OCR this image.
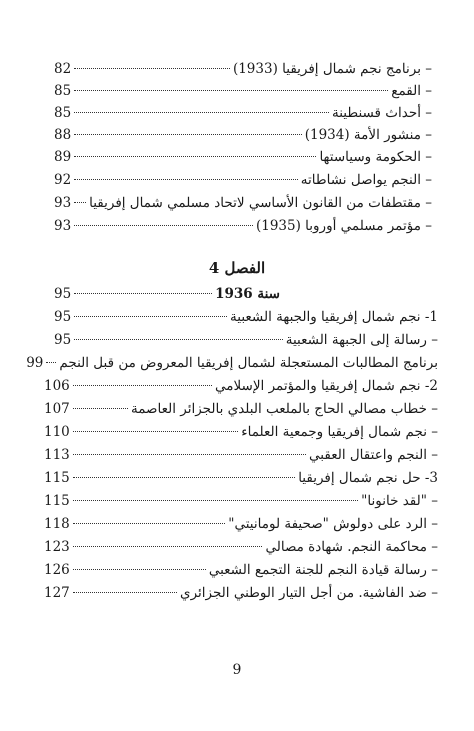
– برنامج نجم شمال إفريقيا (1933)
82
– القمع
85
– أحداث قسنطينة
85
– منشور الأمة (1934)
88
– الحكومة وسياستها
89
– النجم يواصل نشاطاته
92
– مقتطفات من القانون الأساسي لاتحاد مسلمي شمال إفريقيا
93
– مؤتمر مسلمي أوروبا (1935)
93
الفصل 4
سنة 1936
95
1- نجم شمال إفريقيا والجبهة الشعبية
95
– رسالة إلى الجبهة الشعبية
95
برنامج المطالبات المستعجلة لشمال إفريقيا المعروض من قبل النجم
99
2- نجم شمال إفريقيا والمؤتمر الإسلامي
106
– خطاب مصالي الحاج بالملعب البلدي بالجزائر العاصمة
107
– نجم شمال إفريقيا وجمعية العلماء
110
– النجم واعتقال العقبي
113
3- حل نجم شمال إفريقيا
115
– "لقد خانونا"
115
– الرد على دولوش "صحيفة لومانيتي"
118
– محاكمة النجم. شهادة مصالي
123
– رسالة قيادة النجم للجنة التجمع الشعبي
126
– ضد الفاشية. من أجل التيار الوطني الجزائري
127
9
